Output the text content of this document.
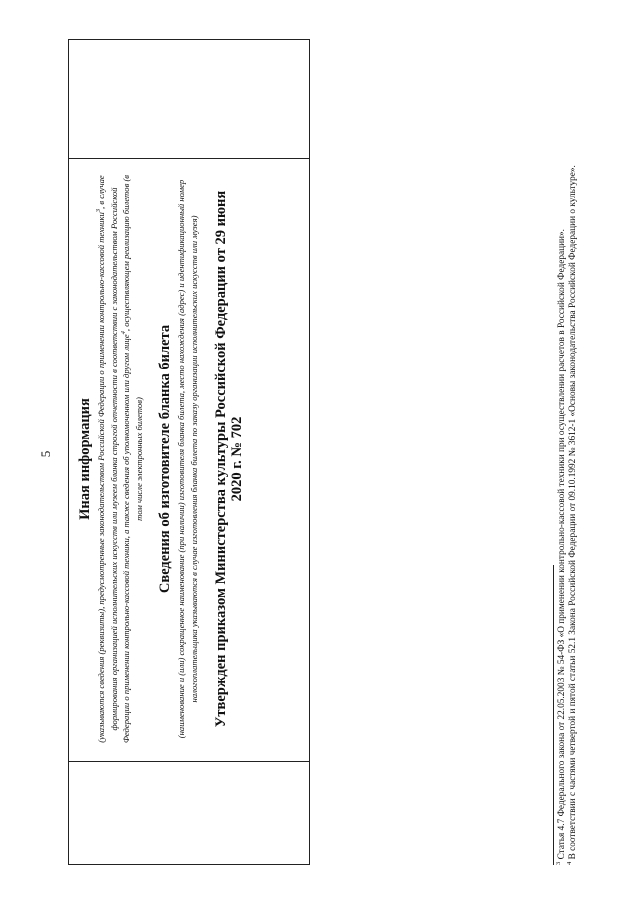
5 Иная информация (указываются сведения (реквизиты), предусмотренные законодательством Российской Федерации о применении контрольно-кассовой техники$^3$, в случае формирования организацией исполнительских искусств или музеем бланка строгой отчетности в соответствии с законодательством Российской Федерации о применении контрольно-кассовой техники, а также сведения об уполномоченном или другом лице$^4$, осуществляющем реализацию билетов (в том числе электронных билетов) Сведения об изготовителе бланка билета (наименование и (или) сокращенное наименование (при наличии) изготовителя бланка билета, место нахождения (адрес) и идентификационный номер налогоплательщика указываются в случае изготовления бланка билета по заказу организации исполнительских искусств или музея) Утвержден приказом Министерства культуры Российской Федерации от 29 июня 2020 г. № 702

$^3$ Статья 4.7 Федерального закона от 22.05.2003 № 54-ФЗ «О применении контрольно-кассовой техники при осуществлении расчетов в Российской Федерации».

$^4$ В соответствии с частями четвертой и пятой статьи 52.1 Закона Российской Федерации от 09.10.1992 № 3612-1 «Основы законодательства Российской Федерации о культуре».
